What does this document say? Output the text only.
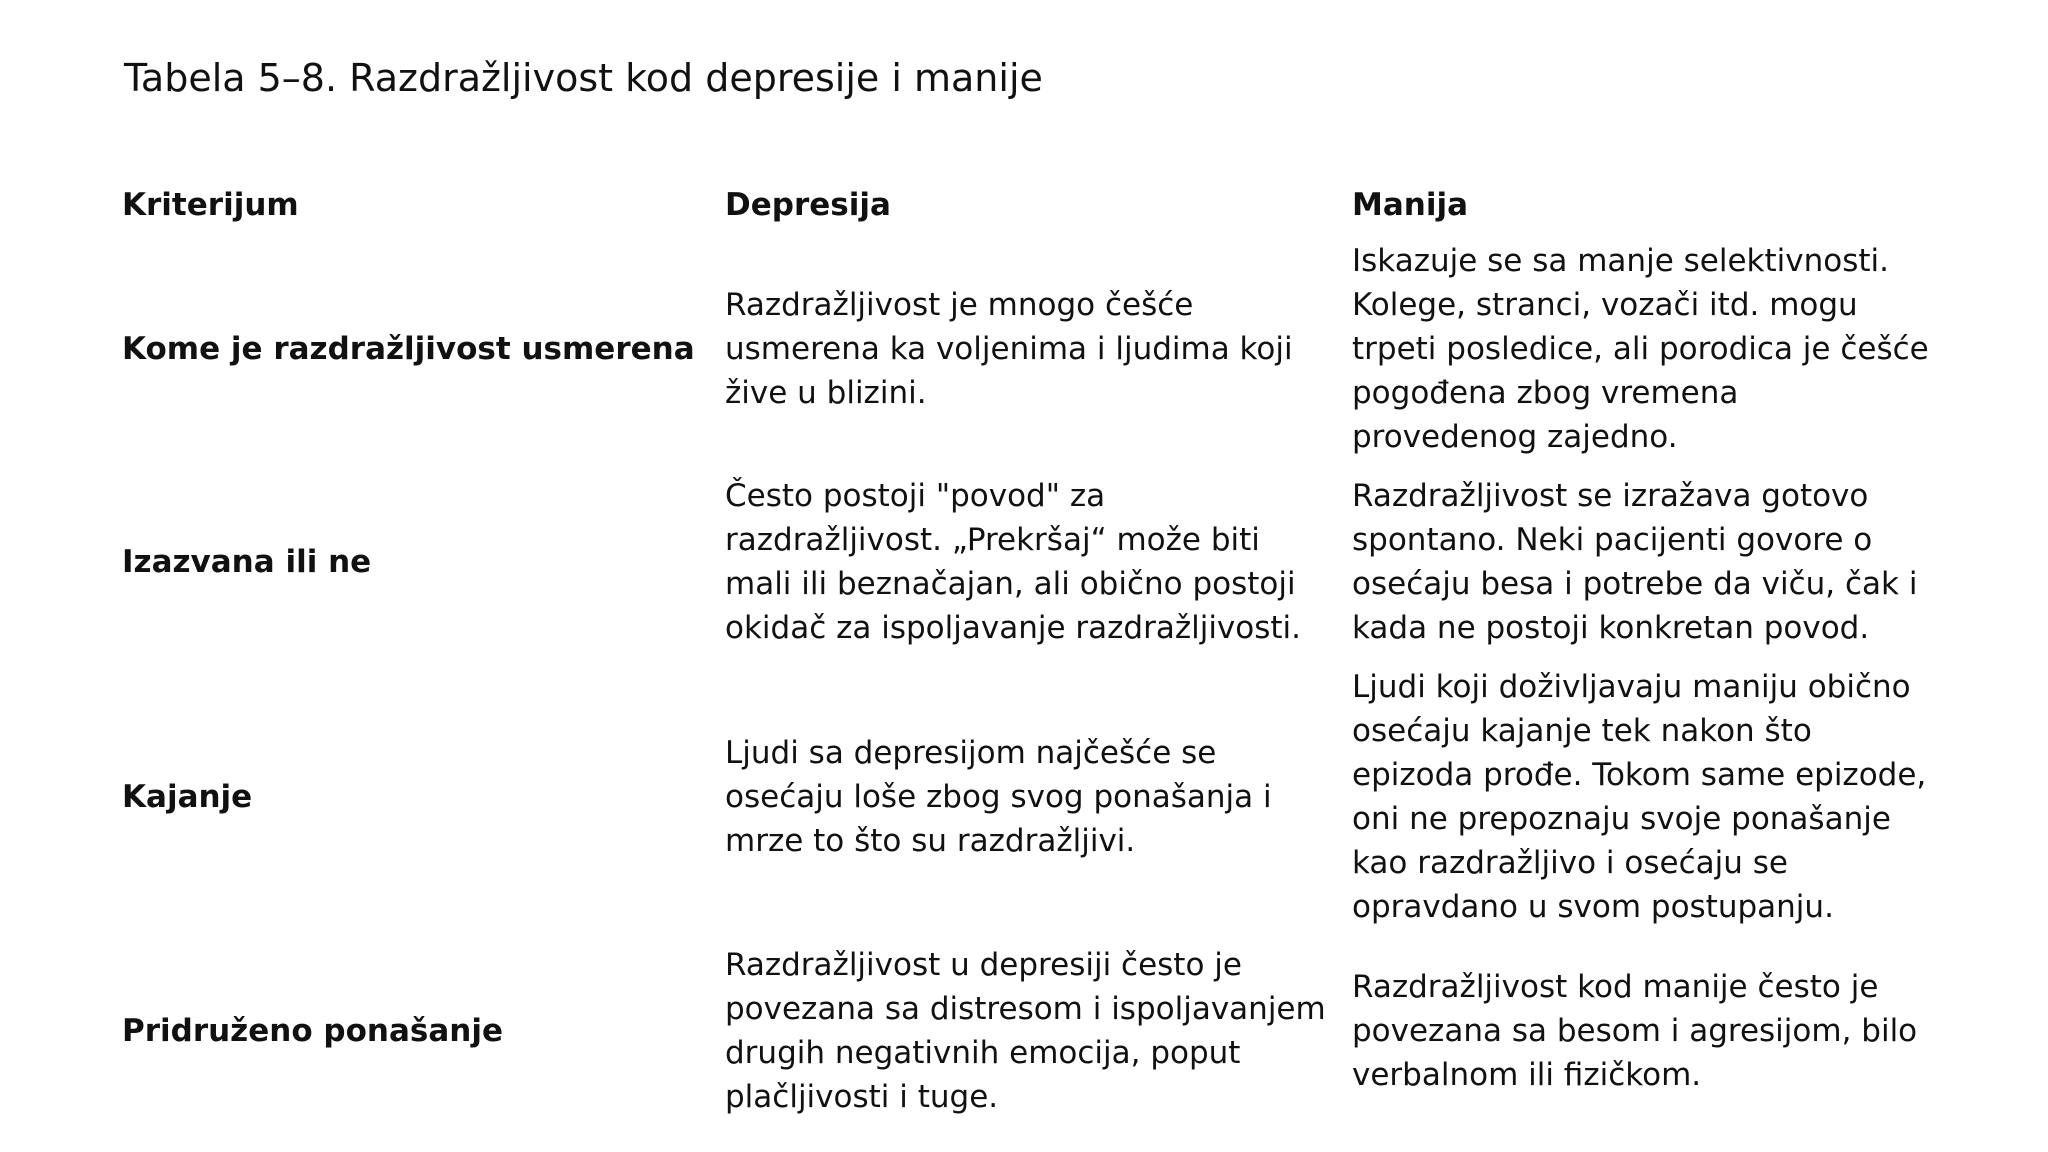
Tabela 5–8. Razdražljivost kod depresije i manije
Kriterijum	Depresija	Manija
Kome je razdražljivost usmerena	Razdražljivost je mnogo češće usmerena ka voljenima i ljudima koji žive u blizini.	Iskazuje se sa manje selektivnosti. Kolege, stranci, vozači itd. mogu trpeti posledice, ali porodica je češće pogođena zbog vremena provedenog zajedno.
Izazvana ili ne	Često postoji "povod" za razdražljivost. „Prekršaj“ može biti mali ili beznačajan, ali obično postoji okidač za ispoljavanje razdražljivosti.	Razdražljivost se izražava gotovo spontano. Neki pacijenti govore o osećaju besa i potrebe da viču, čak i kada ne postoji konkretan povod.
Kajanje	Ljudi sa depresijom najčešće se osećaju loše zbog svog ponašanja i mrze to što su razdražljivi.	Ljudi koji doživljavaju maniju obično osećaju kajanje tek nakon što epizoda prođe. Tokom same epizode, oni ne prepoznaju svoje ponašanje kao razdražljivo i osećaju se opravdano u svom postupanju.
Pridruženo ponašanje	Razdražljivost u depresiji često je povezana sa distresom i ispoljavanjem drugih negativnih emocija, poput plačljivosti i tuge.	Razdražljivost kod manije često je povezana sa besom i agresijom, bilo verbalnom ili fizičkom.
